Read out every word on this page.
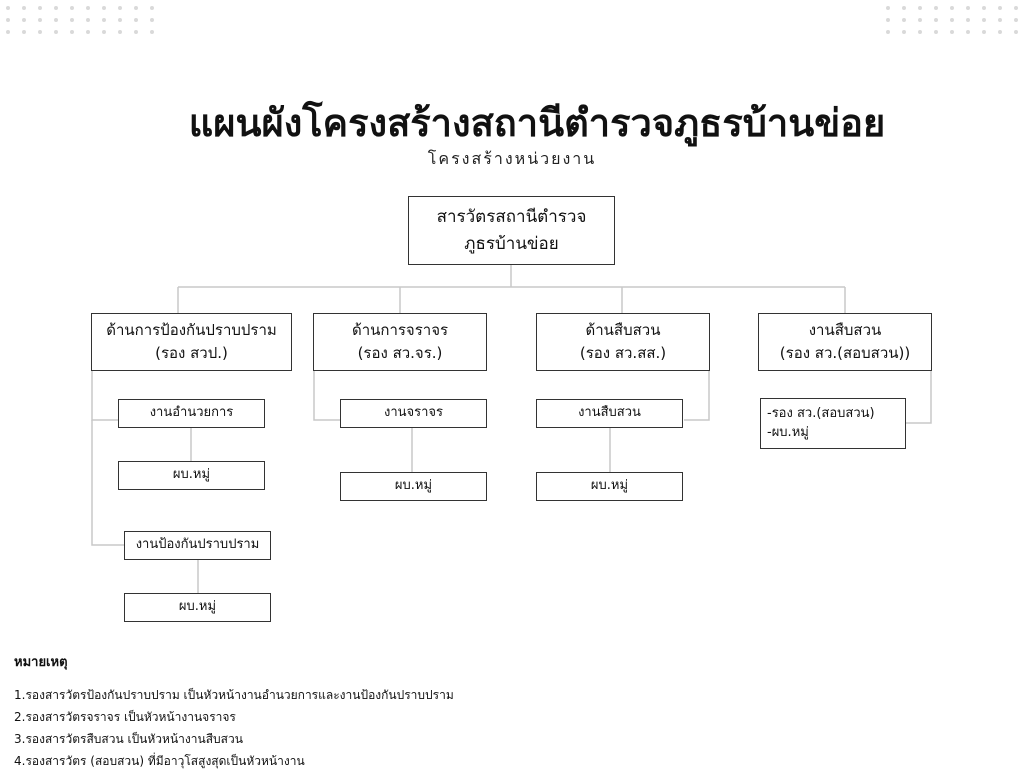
แผนผังโครงสร้างสถานีตำรวจภูธรบ้านข่อย
โครงสร้างหน่วยงาน
สารวัตรสถานีตำรวจ
ภูธรบ้านข่อย
ด้านการป้องกันปราบปราม
(รอง สวป.)
ด้านการจราจร
(รอง สว.จร.)
ด้านสืบสวน
(รอง สว.สส.)
งานสืบสวน
(รอง สว.(สอบสวน))
งานอำนวยการ
ผบ.หมู่
งานป้องกันปราบปราม
ผบ.หมู่
งานจราจร
ผบ.หมู่
งานสืบสวน
ผบ.หมู่
-รอง สว.(สอบสวน)
-ผบ.หมู่
หมายเหตุ
1.รองสารวัตรป้องกันปราบปราม เป็นหัวหน้างานอำนวยการและงานป้องกันปราบปราม
2.รองสารวัตรจราจร เป็นหัวหน้างานจราจร
3.รองสารวัตรสืบสวน เป็นหัวหน้างานสืบสวน
4.รองสารวัตร (สอบสวน) ที่มีอาวุโสสูงสุดเป็นหัวหน้างาน
